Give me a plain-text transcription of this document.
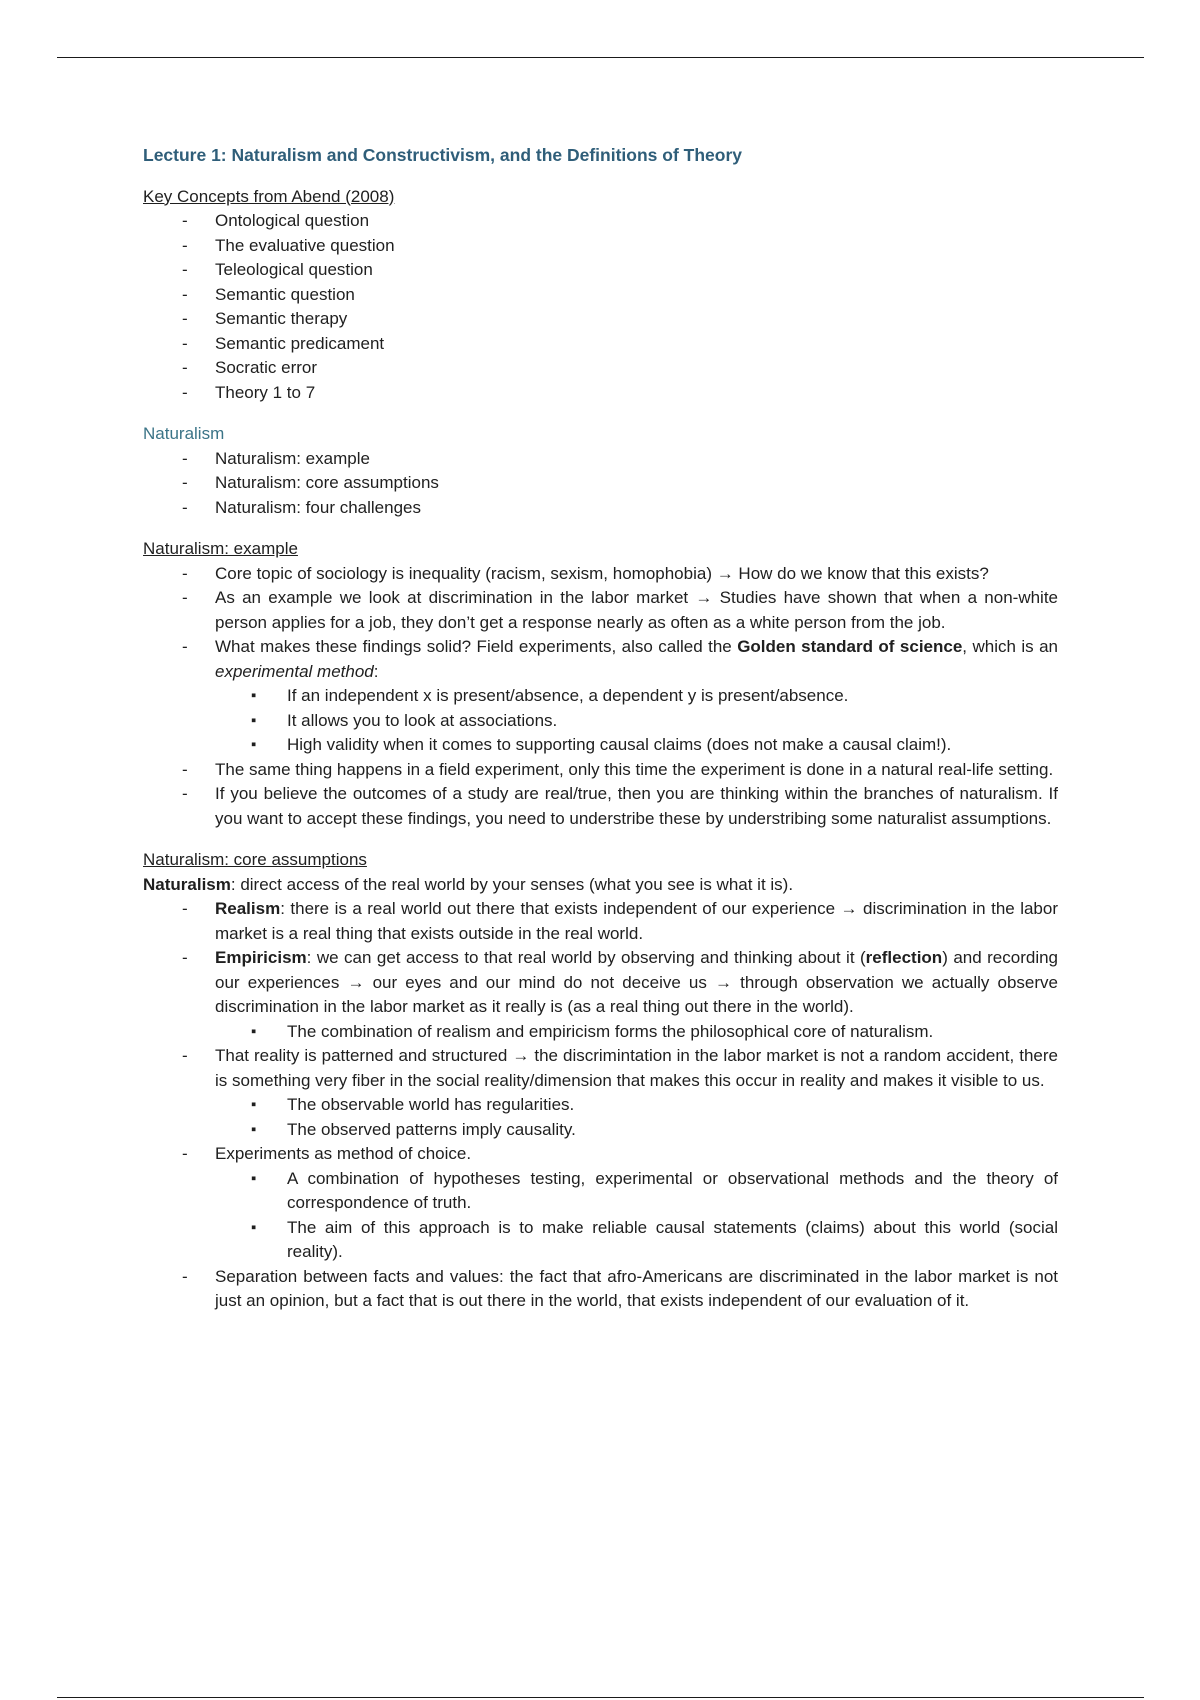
Lecture 1: Naturalism and Constructivism, and the Definitions of Theory
Key Concepts from Abend (2008)
- Ontological question
- The evaluative question
- Teleological question
- Semantic question
- Semantic therapy
- Semantic predicament
- Socratic error
- Theory 1 to 7
Naturalism
- Naturalism: example
- Naturalism: core assumptions
- Naturalism: four challenges
Naturalism: example
- Core topic of sociology is inequality (racism, sexism, homophobia) → How do we know that this exists?
- As an example we look at discrimination in the labor market → Studies have shown that when a non-white person applies for a job, they don’t get a response nearly as often as a white person from the job.
- What makes these findings solid? Field experiments, also called the Golden standard of science, which is an experimental method:
▪ If an independent x is present/absence, a dependent y is present/absence.
▪ It allows you to look at associations.
▪ High validity when it comes to supporting causal claims (does not make a causal claim!).
- The same thing happens in a field experiment, only this time the experiment is done in a natural real-life setting.
- If you believe the outcomes of a study are real/true, then you are thinking within the branches of naturalism. If you want to accept these findings, you need to understribe these by understribing some naturalist assumptions.
Naturalism: core assumptions
Naturalism: direct access of the real world by your senses (what you see is what it is).
- Realism: there is a real world out there that exists independent of our experience → discrimination in the labor market is a real thing that exists outside in the real world.
- Empiricism: we can get access to that real world by observing and thinking about it (reflection) and recording our experiences → our eyes and our mind do not deceive us → through observation we actually observe discrimination in the labor market as it really is (as a real thing out there in the world).
▪ The combination of realism and empiricism forms the philosophical core of naturalism.
- That reality is patterned and structured → the discrimintation in the labor market is not a random accident, there is something very fiber in the social reality/dimension that makes this occur in reality and makes it visible to us.
▪ The observable world has regularities.
▪ The observed patterns imply causality.
- Experiments as method of choice.
▪ A combination of hypotheses testing, experimental or observational methods and the theory of correspondence of truth.
▪ The aim of this approach is to make reliable causal statements (claims) about this world (social reality).
- Separation between facts and values: the fact that afro-Americans are discriminated in the labor market is not just an opinion, but a fact that is out there in the world, that exists independent of our evaluation of it.
